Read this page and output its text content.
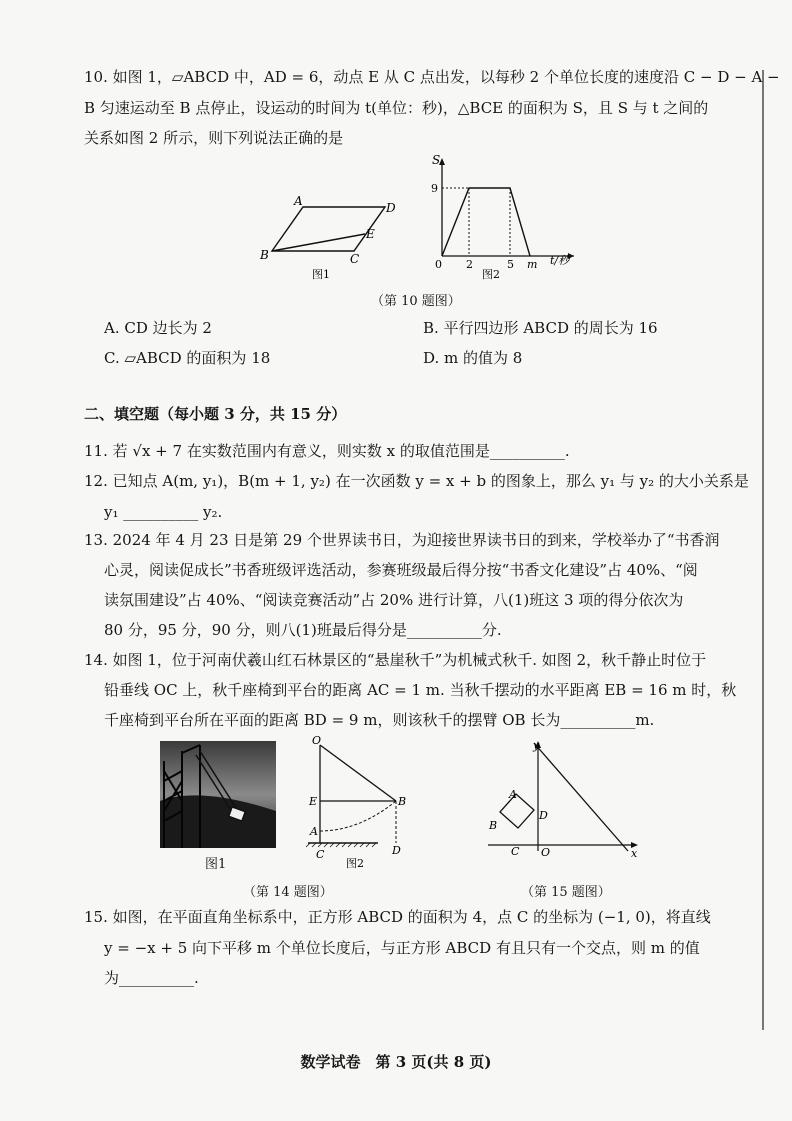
10. 如图 1，▱ABCD 中，AD = 6，动点 E 从 C 点出发，以每秒 2 个单位长度的速度沿 C − D − A −
B 匀速运动至 B 点停止，设运动的时间为 t(单位：秒)，△BCE 的面积为 S，且 S 与 t 之间的
关系如图 2 所示，则下列说法正确的是
A	D
B	C
E
图1
S
9
0 2	5 m t/秒
图2
（第 10 题图）
A. CD 边长为 2	B. 平行四边形 ABCD 的周长为 16
C. ▱ABCD 的面积为 18	D. m 的值为 8
二、填空题（每小题 3 分，共 15 分）
11. 若 √x + 7 在实数范围内有意义，则实数 x 的取值范围是__________.
12. 已知点 A(m, y₁)，B(m + 1, y₂) 在一次函数 y = x + b 的图象上，那么 y₁ 与 y₂ 的大小关系是
y₁ __________ y₂.
13. 2024 年 4 月 23 日是第 29 个世界读书日，为迎接世界读书日的到来，学校举办了“书香润
心灵，阅读促成长”书香班级评选活动，参赛班级最后得分按“书香文化建设”占 40%、“阅
读氛围建设”占 40%、“阅读竞赛活动”占 20% 进行计算，八(1)班这 3 项的得分依次为
80 分，95 分，90 分，则八(1)班最后得分是__________分.
14. 如图 1，位于河南伏羲山红石林景区的“悬崖秋千”为机械式秋千. 如图 2，秋千静止时位于
铅垂线 OC 上，秋千座椅到平台的距离 AC = 1 m. 当秋千摆动的水平距离 EB = 16 m 时，秋
千座椅到平台所在平面的距离 BD = 9 m，则该秋千的摆臂 OB 长为__________m.
图1
O
E	B
A
C	D
图2
（第 14 题图）
y
x
A
B
C
D
O
（第 15 题图）
15. 如图，在平面直角坐标系中，正方形 ABCD 的面积为 4，点 C 的坐标为 (−1, 0)，将直线
y = −x + 5 向下平移 m 个单位长度后，与正方形 ABCD 有且只有一个交点，则 m 的值
为__________.
数学试卷　第 3 页(共 8 页)
